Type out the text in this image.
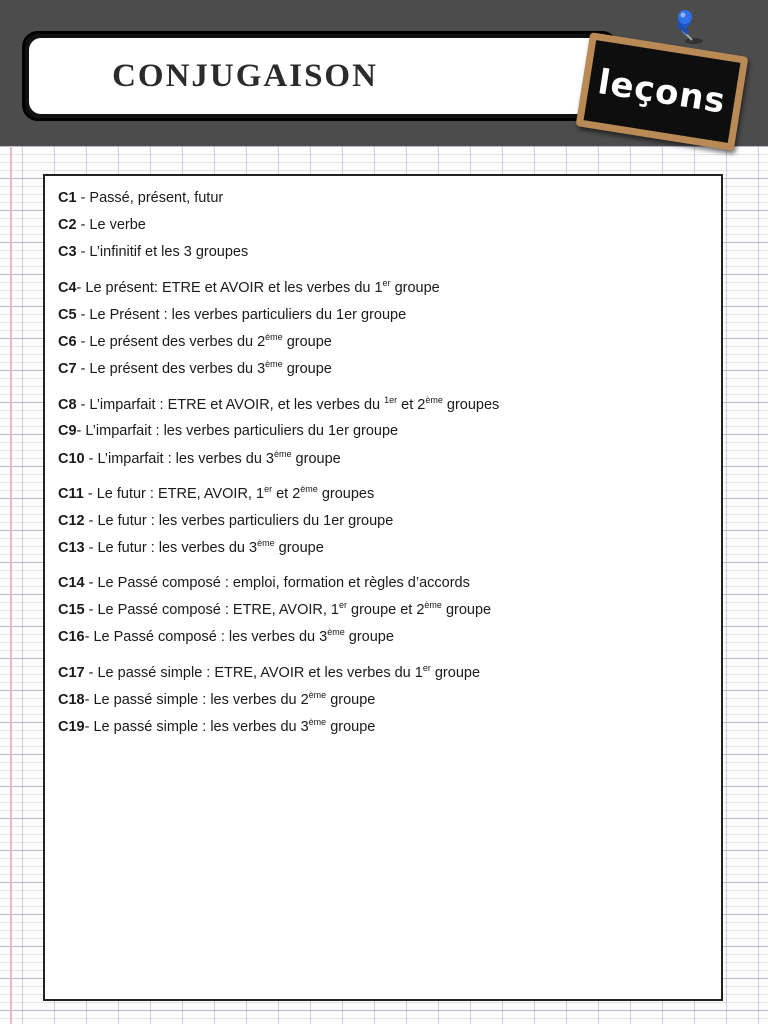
CONJUGAISON	leçons
C1 - Passé, présent, futur
C2 - Le verbe
C3 - L’infinitif et les 3 groupes
C4- Le présent: ETRE et AVOIR et les verbes du 1er groupe
C5 - Le Présent : les verbes particuliers du 1er groupe
C6 - Le présent des verbes du 2ème groupe
C7 - Le présent des verbes du 3ème groupe
C8 - L’imparfait : ETRE et AVOIR, et les verbes du $^{1er}$ et 2ème groupes
C9- L’imparfait : les verbes particuliers du 1er groupe
C10 - L’imparfait : les verbes du 3ème groupe
C11 - Le futur : ETRE, AVOIR, 1er et 2ème groupes
C12 - Le futur : les verbes particuliers du 1er groupe
C13 - Le futur : les verbes du 3ème groupe
C14 - Le Passé composé : emploi, formation et règles d’accords
C15 - Le Passé composé : ETRE, AVOIR, 1er groupe et 2ème groupe
C16- Le Passé composé : les verbes du 3ème groupe
C17 - Le passé simple : ETRE, AVOIR et les verbes du 1er groupe
C18- Le passé simple : les verbes du 2ème groupe
C19- Le passé simple : les verbes du 3ème groupe
